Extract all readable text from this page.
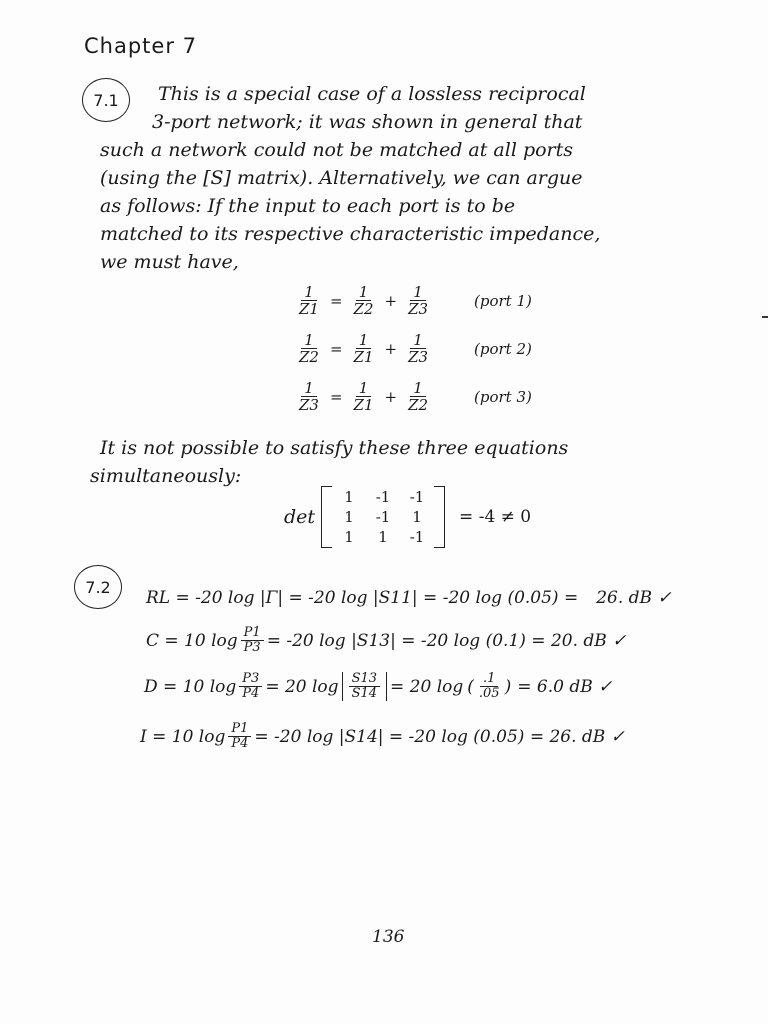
Chapter 7
7.1	This is a special case of a lossless reciprocal
3-port network; it was shown in general that
such a network could not be matched at all ports
(using the [S] matrix). Alternatively, we can argue
as follows: If the input to each port is to be
matched to its respective characteristic impedance,
we must have,
$\frac{1}{Z1} = \frac{1}{Z2} + \frac{1}{Z3}$	(port 1)
$\frac{1}{Z2} = \frac{1}{Z1} + \frac{1}{Z3}$	(port 2)
$\frac{1}{Z3} = \frac{1}{Z1} + \frac{1}{Z2}$	(port 3)
It is not possible to satisfy these three equations
simultaneously:
det
1	-1	-1
1	-1	1
1	1	-1
= -4 ≠ 0
7.2
RL = -20 log |Γ| = -20 log |S11| = -20 log (0.05) = 26. dB ✓
C = 10 $\log \frac{P1}{P3} = -20$ log |S13| = -20 log (0.1) = 20. dB ✓
D = 10 $\log \frac{P3}{P4} = 20$ $\log \frac{S13}{S14} = 20$ log ( $\frac{.1}{.05}$ ) = 6.0 dB ✓
I = 10 $\log \frac{P1}{P4} = -20$ log |S14| = -20 log (0.05) = 26. dB ✓
136
